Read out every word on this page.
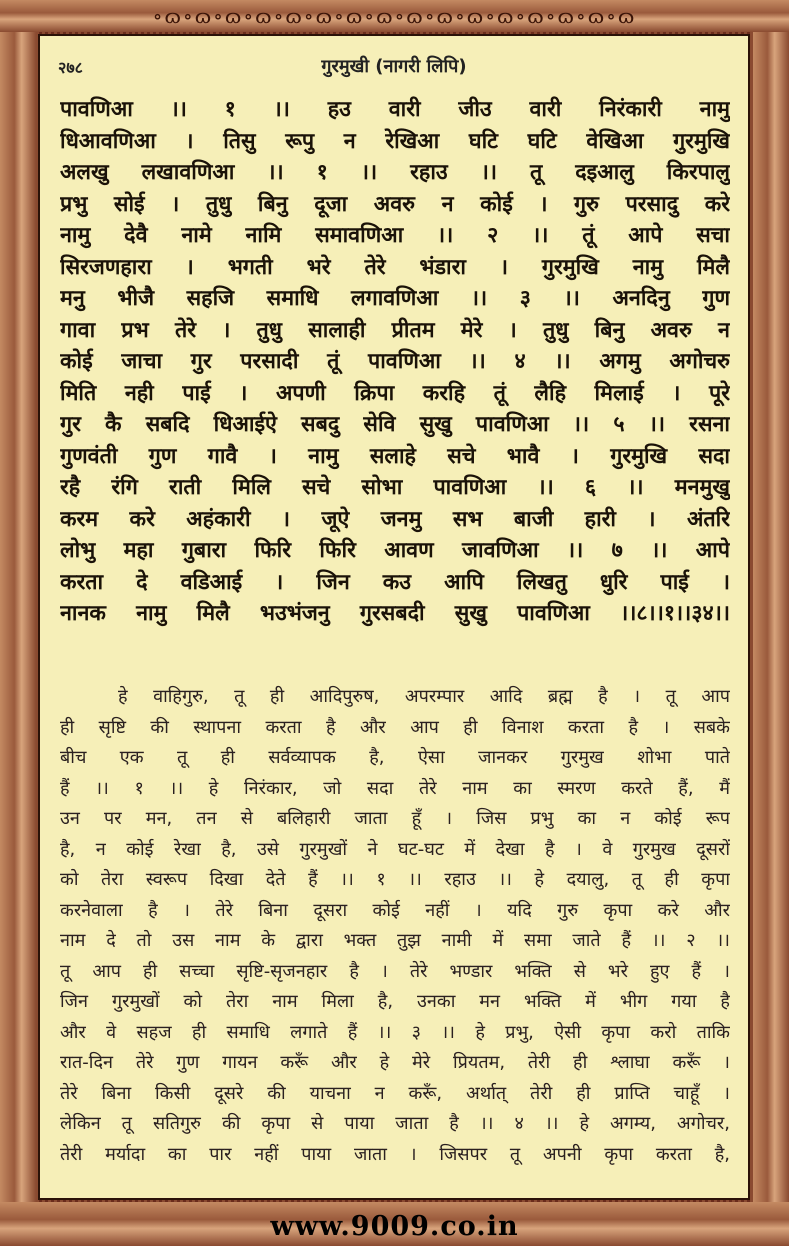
∘ɷ∘ɷ∘ɷ∘ɷ∘ɷ∘ɷ∘ɷ∘ɷ∘ɷ∘ɷ∘ɷ∘ɷ∘ɷ∘ɷ∘ɷ∘ɷ
२७८	गुरमुखी (नागरी लिपि)
पावणिआ ।। १ ।। हउ वारी जीउ वारी निरंकारी नामु
धिआवणिआ । तिसु रूपु न रेखिआ घटि घटि वेखिआ गुरमुखि
अलखु लखावणिआ ।। १ ।। रहाउ ।। तू दइआलु किरपालु
प्रभु सोई । तुधु बिनु दूजा अवरु न कोई । गुरु परसादु करे
नामु देवै नामे नामि समावणिआ ।। २ ।। तूं आपे सचा
सिरजणहारा । भगती भरे तेरे भंडारा । गुरमुखि नामु मिलै
मनु भीजै सहजि समाधि लगावणिआ ।। ३ ।। अनदिनु गुण
गावा प्रभ तेरे । तुधु सालाही प्रीतम मेरे । तुधु बिनु अवरु न
कोई जाचा गुर परसादी तूं पावणिआ ।। ४ ।। अगमु अगोचरु
मिति नही पाई । अपणी क्रिपा करहि तूं लैहि मिलाई । पूरे
गुर कै सबदि धिआईऐ सबदु सेवि सुखु पावणिआ ।। ५ ।। रसना
गुणवंती गुण गावै । नामु सलाहे सचे भावै । गुरमुखि सदा
रहै रंगि राती मिलि सचे सोभा पावणिआ ।। ६ ।। मनमुखु
करम करे अहंकारी । जूऐ जनमु सभ बाजी हारी । अंतरि
लोभु महा गुबारा फिरि फिरि आवण जावणिआ ।। ७ ।। आपे
करता दे वडिआई । जिन कउ आपि लिखतु धुरि पाई ।
नानक नामु मिलै भउभंजनु गुरसबदी सुखु पावणिआ ।।८।।१।।३४।।
हे वाहिगुरु, तू ही आदिपुरुष, अपरम्पार आदि ब्रह्म है । तू आप
ही सृष्टि की स्थापना करता है और आप ही विनाश करता है । सबके
बीच एक तू ही सर्वव्यापक है, ऐसा जानकर गुरमुख शोभा पाते
हैं ।। १ ।। हे निरंकार, जो सदा तेरे नाम का स्मरण करते हैं, मैं
उन पर मन, तन से बलिहारी जाता हूँ । जिस प्रभु का न कोई रूप
है, न कोई रेखा है, उसे गुरमुखों ने घट-घट में देखा है । वे गुरमुख दूसरों
को तेरा स्वरूप दिखा देते हैं ।। १ ।। रहाउ ।। हे दयालु, तू ही कृपा
करनेवाला है । तेरे बिना दूसरा कोई नहीं । यदि गुरु कृपा करे और
नाम दे तो उस नाम के द्वारा भक्त तुझ नामी में समा जाते हैं ।। २ ।।
तू आप ही सच्चा सृष्टि-सृजनहार है । तेरे भण्डार भक्ति से भरे हुए हैं ।
जिन गुरमुखों को तेरा नाम मिला है, उनका मन भक्ति में भीग गया है
और वे सहज ही समाधि लगाते हैं ।। ३ ।। हे प्रभु, ऐसी कृपा करो ताकि
रात-दिन तेरे गुण गायन करूँ और हे मेरे प्रियतम, तेरी ही श्लाघा करूँ ।
तेरे बिना किसी दूसरे की याचना न करूँ, अर्थात् तेरी ही प्राप्ति चाहूँ ।
लेकिन तू सतिगुरु की कृपा से पाया जाता है ।। ४ ।। हे अगम्य, अगोचर,
तेरी मर्यादा का पार नहीं पाया जाता । जिसपर तू अपनी कृपा करता है,
www.9009.co.in
